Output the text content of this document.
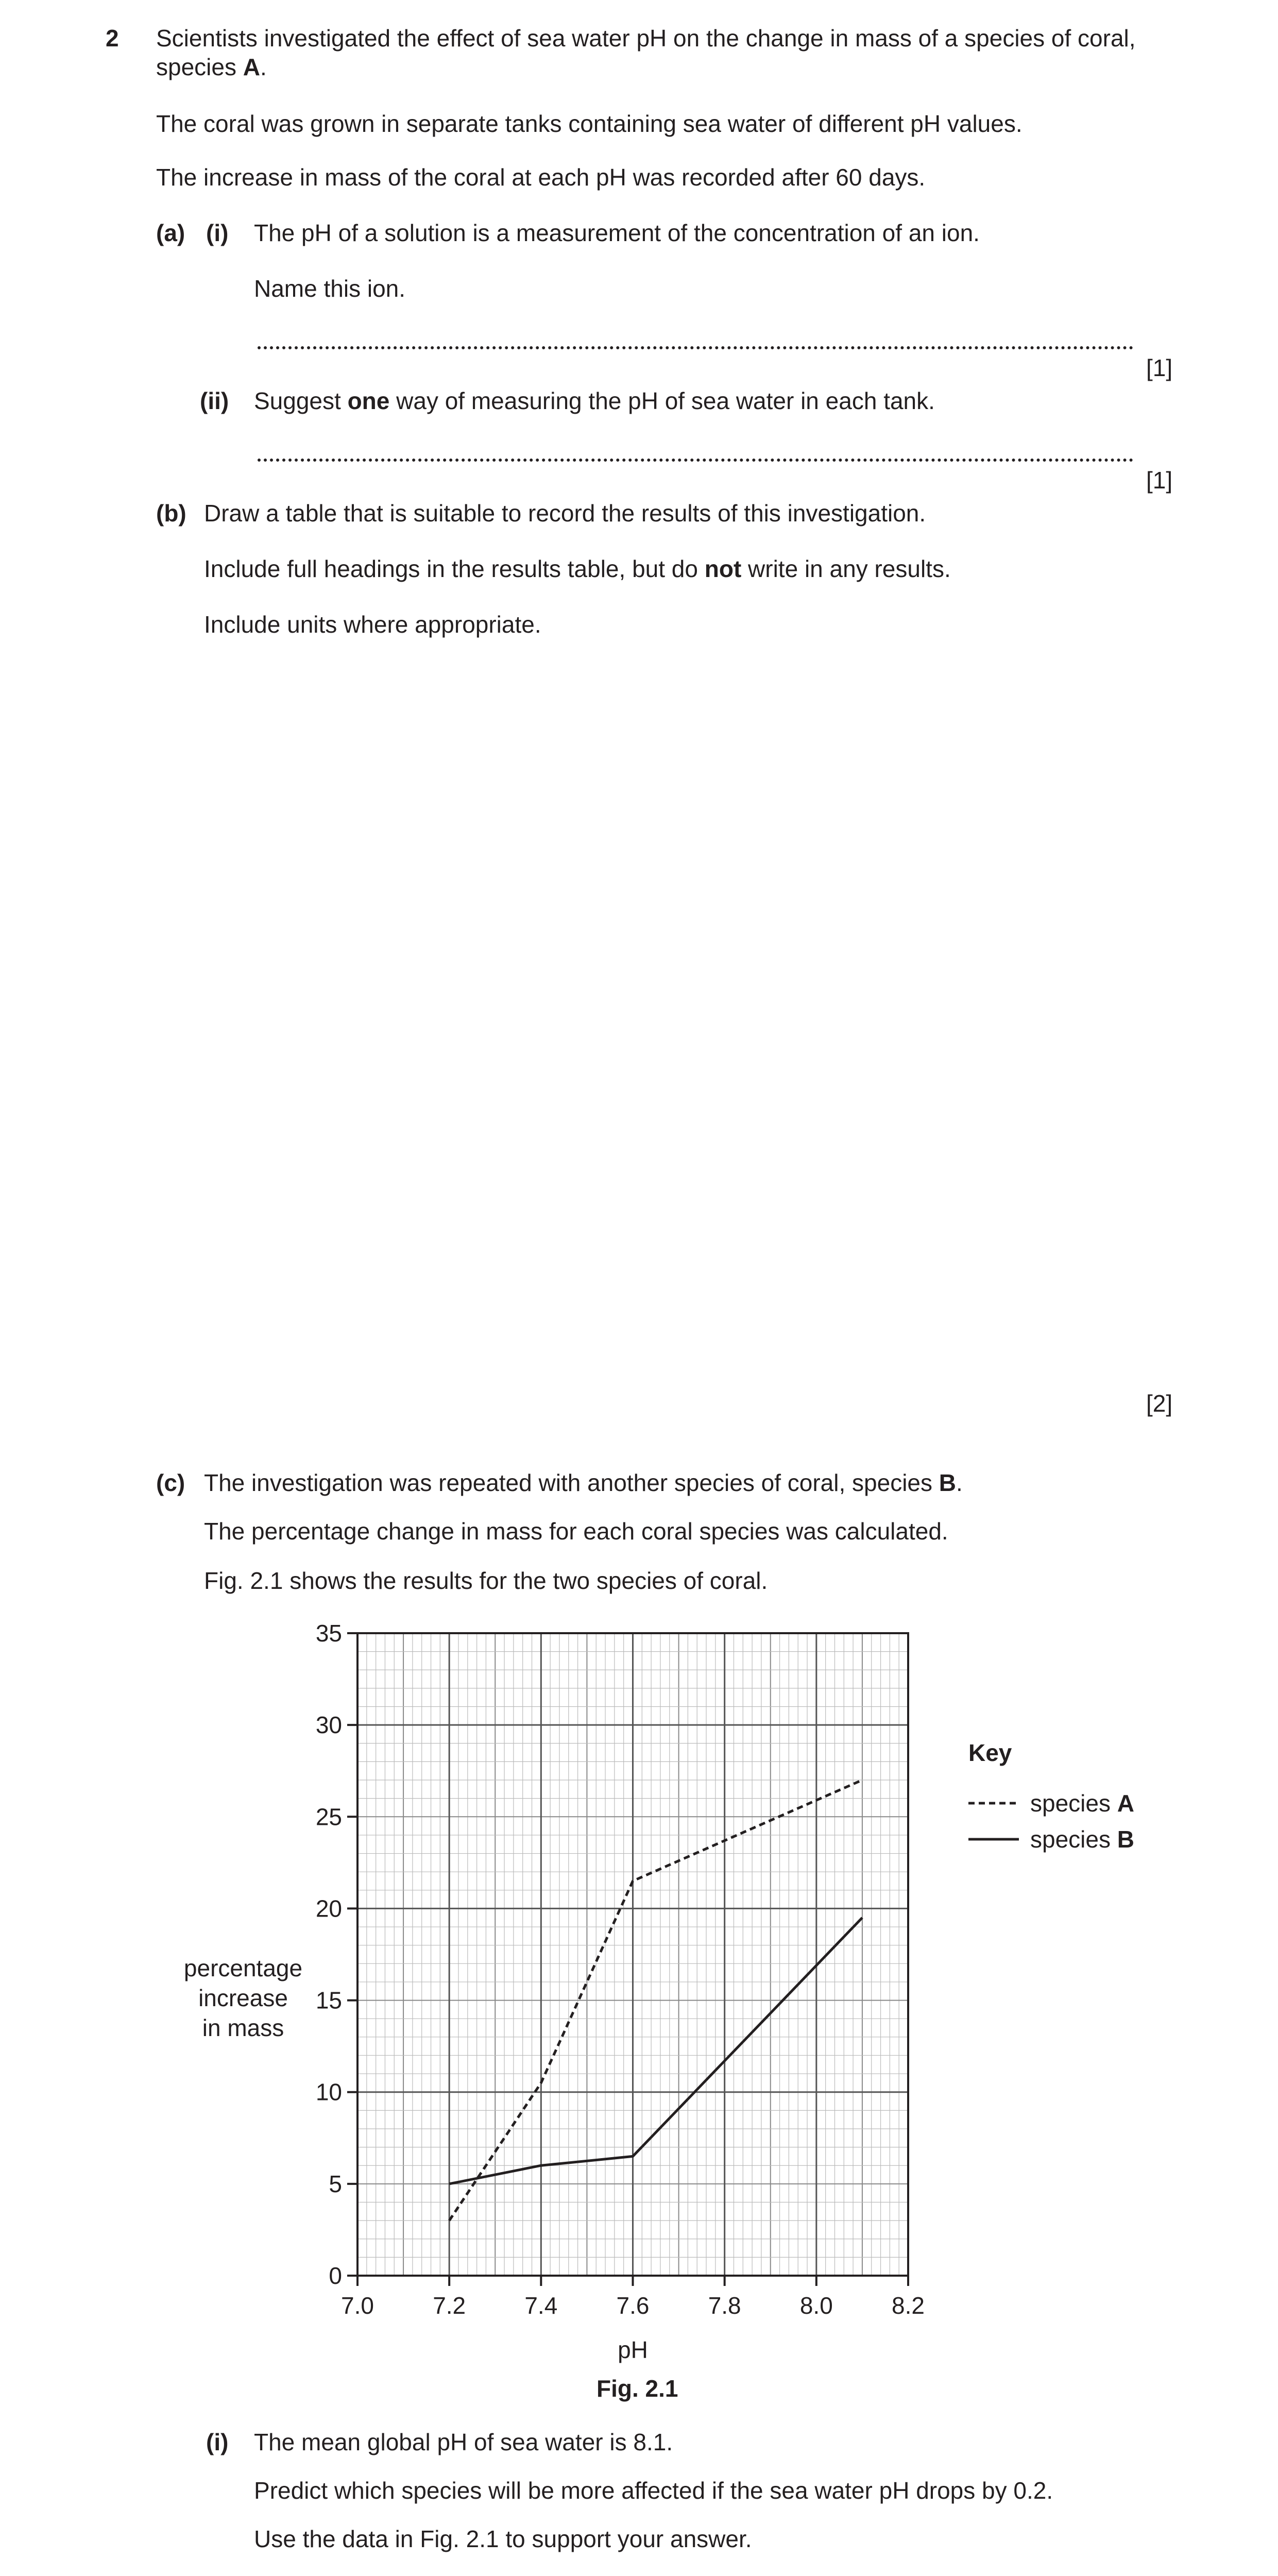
2 Scientists investigated the effect of sea water pH on the change in mass of a species of coral,

species A.

The coral was grown in separate tanks containing sea water of different pH values.

The increase in mass of the coral at each pH was recorded after 60 days.

(a) (i) The pH of a solution is a measurement of the concentration of an ion.

Name this ion.

[1]

(ii) Suggest one way of measuring the pH of sea water in each tank.

[1]

(b) Draw a table that is suitable to record the results of this investigation.

Include full headings in the results table, but do not write in any results.

Include units where appropriate.

[2]

(c) The investigation was repeated with another species of coral, species B.

The percentage change in mass for each coral species was calculated.

Fig. 2.1 shows the results for the two species of coral.

0
5
10
15
20
25
30
35
7.0 7.2 7.4 7.6 7.8 8.0 8.2
percentage
increase
in mass
pH
Key
species A
species B

Fig. 2.1

(i) The mean global pH of sea water is 8.1.

Predict which species will be more affected if the sea water pH drops by 0.2.

Use the data in Fig. 2.1 to support your answer.
